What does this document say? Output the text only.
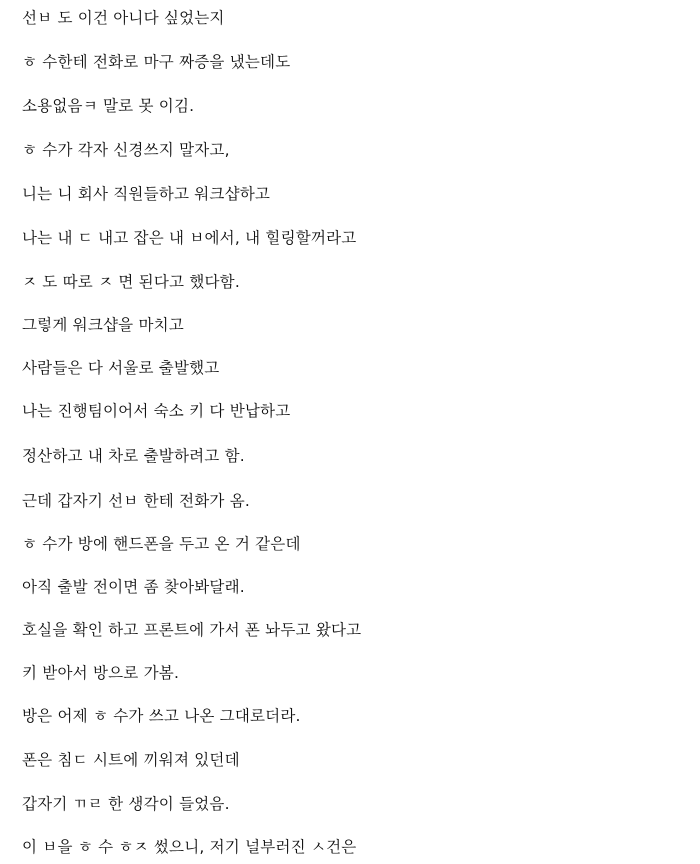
선ㅂ 도 이건 아니다 싶었는지
ㅎ 수한테 전화로 마구 짜증을 냈는데도
소용없음ㅋ 말로 못 이김.
ㅎ 수가 각자 신경쓰지 말자고,
니는 니 회사 직원들하고 워크샵하고
나는 내 ㄷ 내고 잡은 내 ㅂ에서, 내 힐링할꺼라고
ㅈ 도 따로 ㅈ 면 된다고 했다함.
그렇게 워크샵을 마치고
사람들은 다 서울로 출발했고
나는 진행팀이어서 숙소 키 다 반납하고
정산하고 내 차로 출발하려고 함.
근데 갑자기 선ㅂ 한테 전화가 옴.
ㅎ 수가 방에 핸드폰을 두고 온 거 같은데
아직 출발 전이면 좀 찾아봐달래.
호실을 확인 하고 프론트에 가서 폰 놔두고 왔다고
키 받아서 방으로 가봄.
방은 어제 ㅎ 수가 쓰고 나온 그대로더라.
폰은 침ㄷ 시트에 끼워져 있던데
갑자기 ㄲㄹ 한 생각이 들었음.
이 ㅂ을 ㅎ 수 ㅎㅈ 썼으니, 저기 널부러진 ㅅ건은
